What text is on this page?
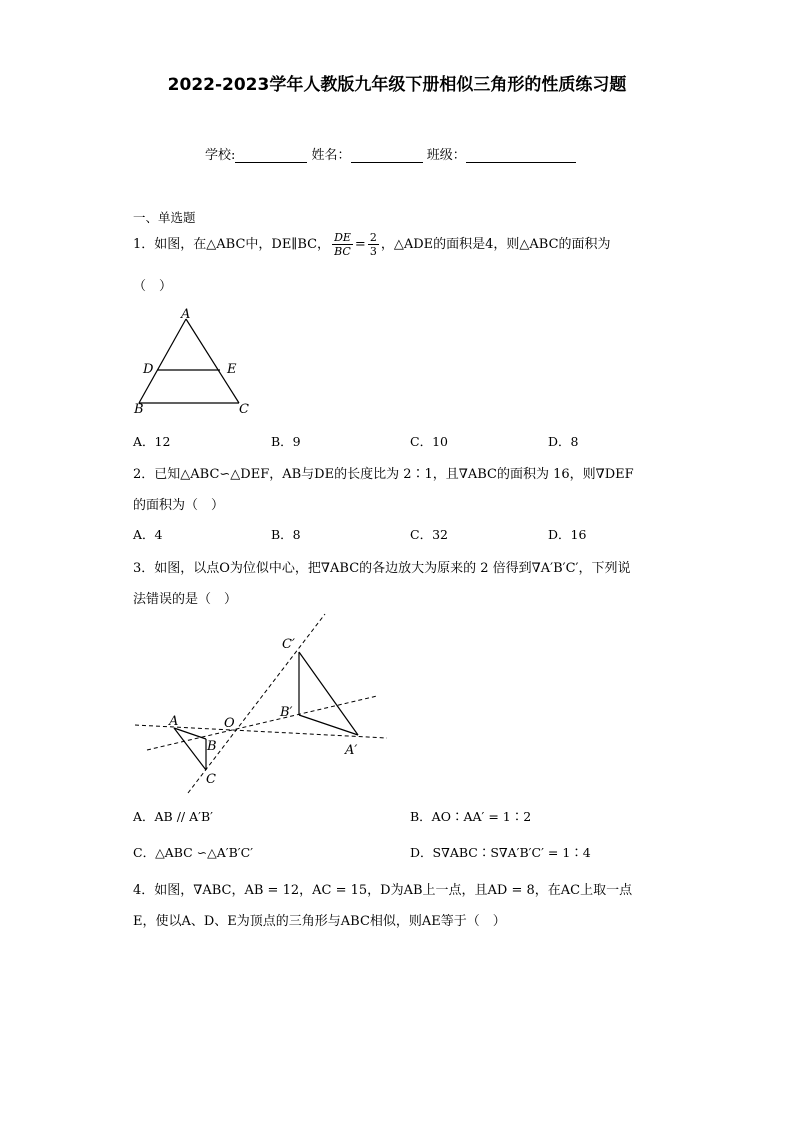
2022-2023学年人教版九年级下册相似三角形的性质练习题
学校:	姓名：	班级：
一、单选题
1．如图，在△ABC中，DE∥BC， $\frac{DE}{BC} = \frac{2}{3}$ ，△ADE的面积是4，则△ABC的面积为
（　）
A
D	E
B	C
A．12	B．9	C．10	D．8
2．已知△ABC∽△DEF，AB与DE的长度比为 2∶1，且∇ABC的面积为 16，则∇DEF
的面积为（　）
A．4	B．8	C．32	D．16
3．如图，以点O为位似中心，把∇ABC的各边放大为原来的 2 倍得到∇A′B′C′，下列说
法错误的是（　）
A
B
C
O
C′
B′
A′
A．AB // A′B′	B．AO∶AA′ = 1∶2
C．△ABC ∽△A′B′C′	D．S∇ABC∶S∇A′B′C′ = 1∶4
4．如图，∇ABC，AB = 12，AC = 15，D为AB上一点，且AD = 8，在AC上取一点
E，使以A、D、E为顶点的三角形与ABC相似，则AE等于（　）
